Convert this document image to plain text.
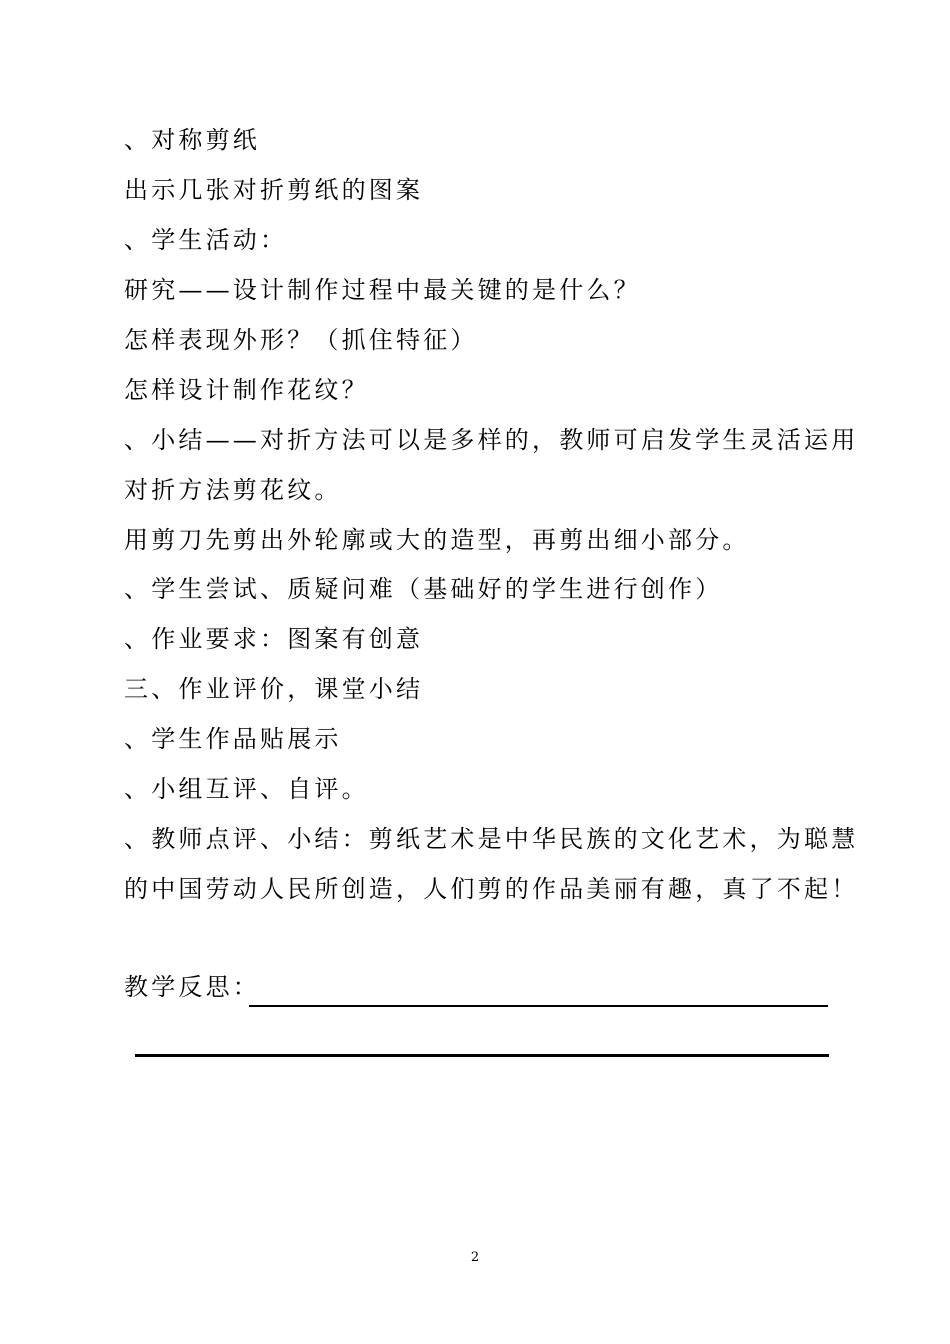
、对称剪纸
出示几张对折剪纸的图案
、学生活动：
研究——设计制作过程中最关键的是什么？
怎样表现外形？（抓住特征）
怎样设计制作花纹？
、小结——对折方法可以是多样的，教师可启发学生灵活运用
对折方法剪花纹。
用剪刀先剪出外轮廓或大的造型，再剪出细小部分。
、学生尝试、质疑问难（基础好的学生进行创作）
、作业要求：图案有创意
三、作业评价，课堂小结
、学生作品贴展示
、小组互评、自评。
、教师点评、小结：剪纸艺术是中华民族的文化艺术，为聪慧
的中国劳动人民所创造，人们剪的作品美丽有趣，真了不起！
教学反思：
2
